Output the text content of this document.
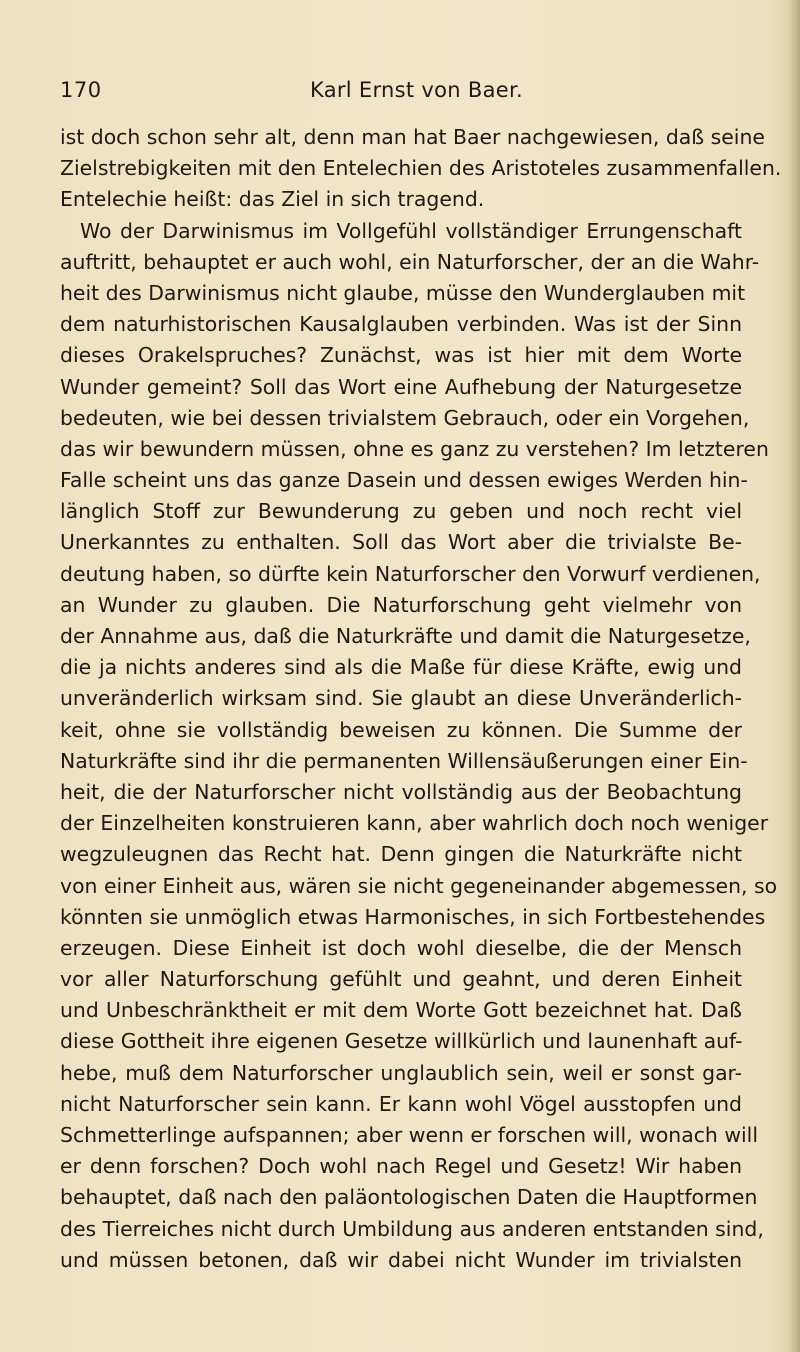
170	Karl Ernst von Baer.
ist doch schon sehr alt, denn man hat Baer nachgewiesen, daß seine
Zielstrebigkeiten mit den Entelechien des Aristoteles zusammenfallen.
Entelechie heißt: das Ziel in sich tragend.
Wo der Darwinismus im Vollgefühl vollständiger Errungenschaft
auftritt, behauptet er auch wohl, ein Naturforscher, der an die Wahr-
heit des Darwinismus nicht glaube, müsse den Wunderglauben mit
dem naturhistorischen Kausalglauben verbinden. Was ist der Sinn
dieses Orakelspruches? Zunächst, was ist hier mit dem Worte
Wunder gemeint? Soll das Wort eine Aufhebung der Naturgesetze
bedeuten, wie bei dessen trivialstem Gebrauch, oder ein Vorgehen,
das wir bewundern müssen, ohne es ganz zu verstehen? Im letzteren
Falle scheint uns das ganze Dasein und dessen ewiges Werden hin-
länglich Stoff zur Bewunderung zu geben und noch recht viel
Unerkanntes zu enthalten. Soll das Wort aber die trivialste Be-
deutung haben, so dürfte kein Naturforscher den Vorwurf verdienen,
an Wunder zu glauben. Die Naturforschung geht vielmehr von
der Annahme aus, daß die Naturkräfte und damit die Naturgesetze,
die ja nichts anderes sind als die Maße für diese Kräfte, ewig und
unveränderlich wirksam sind. Sie glaubt an diese Unveränderlich-
keit, ohne sie vollständig beweisen zu können. Die Summe der
Naturkräfte sind ihr die permanenten Willensäußerungen einer Ein-
heit, die der Naturforscher nicht vollständig aus der Beobachtung
der Einzelheiten konstruieren kann, aber wahrlich doch noch weniger
wegzuleugnen das Recht hat. Denn gingen die Naturkräfte nicht
von einer Einheit aus, wären sie nicht gegeneinander abgemessen, so
könnten sie unmöglich etwas Harmonisches, in sich Fortbestehendes
erzeugen. Diese Einheit ist doch wohl dieselbe, die der Mensch
vor aller Naturforschung gefühlt und geahnt, und deren Einheit
und Unbeschränktheit er mit dem Worte Gott bezeichnet hat. Daß
diese Gottheit ihre eigenen Gesetze willkürlich und launenhaft auf-
hebe, muß dem Naturforscher unglaublich sein, weil er sonst gar-
nicht Naturforscher sein kann. Er kann wohl Vögel ausstopfen und
Schmetterlinge aufspannen; aber wenn er forschen will, wonach will
er denn forschen? Doch wohl nach Regel und Gesetz! Wir haben
behauptet, daß nach den paläontologischen Daten die Hauptformen
des Tierreiches nicht durch Umbildung aus anderen entstanden sind,
und müssen betonen, daß wir dabei nicht Wunder im trivialsten
